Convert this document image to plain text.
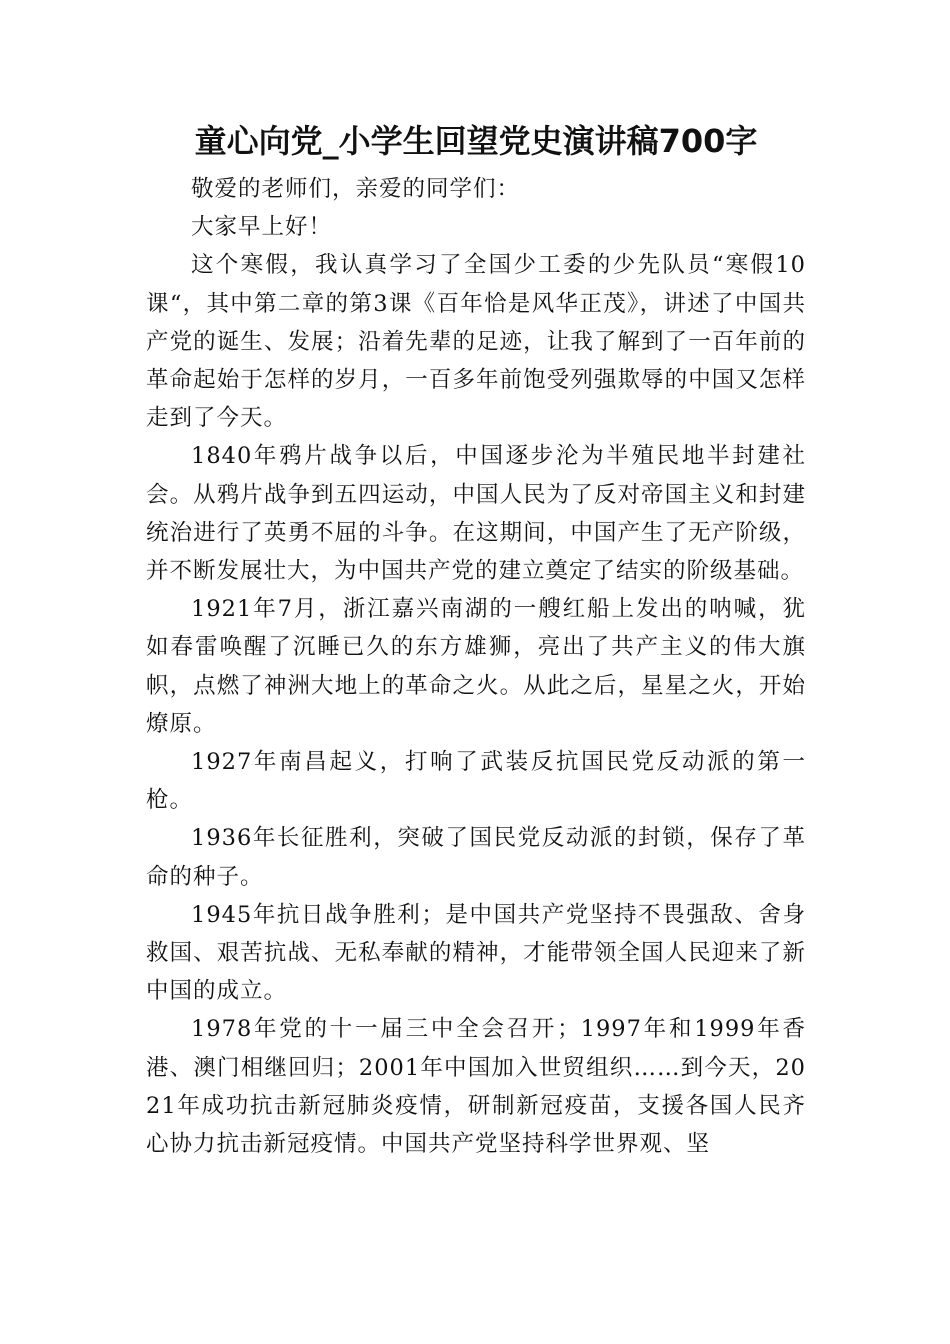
童心向党_小学生回望党史演讲稿700字

敬爱的老师们，亲爱的同学们：

大家早上好！

这个寒假，我认真学习了全国少工委的少先队员“寒假10课“，其中第二章的第3课《百年恰是风华正茂》，讲述了中国共产党的诞生、发展；沿着先辈的足迹，让我了解到了一百年前的革命起始于怎样的岁月，一百多年前饱受列强欺辱的中国又怎样走到了今天。

1840年鸦片战争以后，中国逐步沦为半殖民地半封建社会。从鸦片战争到五四运动，中国人民为了反对帝国主义和封建统治进行了英勇不屈的斗争。在这期间，中国产生了无产阶级，并不断发展壮大，为中国共产党的建立奠定了结实的阶级基础。

1921年7月，浙江嘉兴南湖的一艘红船上发出的呐喊，犹如春雷唤醒了沉睡已久的东方雄狮，亮出了共产主义的伟大旗帜，点燃了神洲大地上的革命之火。从此之后，星星之火，开始燎原。

1927年南昌起义，打响了武装反抗国民党反动派的第一枪。

1936年长征胜利，突破了国民党反动派的封锁，保存了革命的种子。

1945年抗日战争胜利；是中国共产党坚持不畏强敌、舍身救国、艰苦抗战、无私奉献的精神，才能带领全国人民迎来了新中国的成立。

1978年党的十一届三中全会召开；1997年和1999年香港、澳门相继回归；2001年中国加入世贸组织……到今天，2021年成功抗击新冠肺炎疫情，研制新冠疫苗，支援各国人民齐心协力抗击新冠疫情。中国共产党坚持科学世界观、坚
